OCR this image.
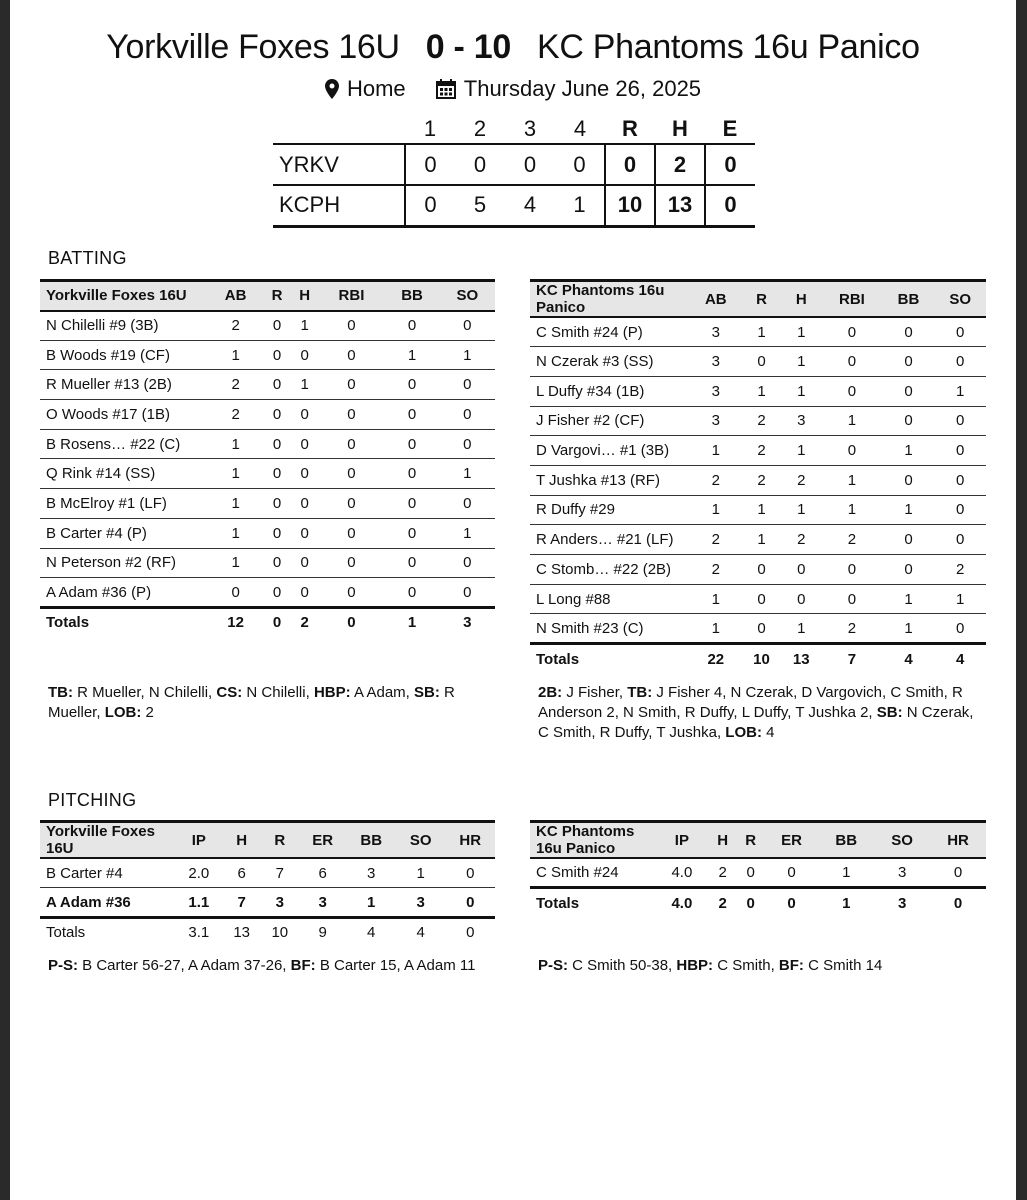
Yorkville Foxes 16U 0 - 10 KC Phantoms 16u Panico
Home
	Thursday June 26, 2025
	1	2	3	4	R	H	E
YRKV	0	0	0	0	0	2	0
KCPH	0	5	4	1	10	13	0
BATTING
Yorkville Foxes 16U	AB	R	H	RBI	BB	SO
N Chilelli #9 (3B)	2	0	1	0	0	0
B Woods #19 (CF)	1	0	0	0	1	1
R Mueller #13 (2B)	2	0	1	0	0	0
O Woods #17 (1B)	2	0	0	0	0	0
B Rosens… #22 (C)	1	0	0	0	0	0
Q Rink #14 (SS)	1	0	0	0	0	1
B McElroy #1 (LF)	1	0	0	0	0	0
B Carter #4 (P)	1	0	0	0	0	1
N Peterson #2 (RF)	1	0	0	0	0	0
A Adam #36 (P)	0	0	0	0	0	0
Totals	12	0	2	0	1	3
KC Phantoms 16u Panico	AB	R	H	RBI	BB	SO
C Smith #24 (P)	3	1	1	0	0	0
N Czerak #3 (SS)	3	0	1	0	0	0
L Duffy #34 (1B)	3	1	1	0	0	1
J Fisher #2 (CF)	3	2	3	1	0	0
D Vargovi… #1 (3B)	1	2	1	0	1	0
T Jushka #13 (RF)	2	2	2	1	0	0
R Duffy #29	1	1	1	1	1	0
R Anders… #21 (LF)	2	1	2	2	0	0
C Stomb… #22 (2B)	2	0	0	0	0	2
L Long #88	1	0	0	0	1	1
N Smith #23 (C)	1	0	1	2	1	0
Totals	22	10	13	7	4	4
TB: R Mueller, N Chilelli, CS: N Chilelli, HBP: A Adam, SB: R Mueller, LOB: 2
2B: J Fisher, TB: J Fisher 4, N Czerak, D Vargovich, C Smith, R Anderson 2, N Smith, R Duffy, L Duffy, T Jushka 2, SB: N Czerak, C Smith, R Duffy, T Jushka, LOB: 4
PITCHING
Yorkville Foxes 16U	IP	H	R	ER	BB	SO	HR
B Carter #4	2.0	6	7	6	3	1	0
A Adam #36	1.1	7	3	3	1	3	0
Totals	3.1	13	10	9	4	4	0
KC Phantoms 16u Panico	IP	H	R	ER	BB	SO	HR
C Smith #24	4.0	2	0	0	1	3	0
Totals	4.0	2	0	0	1	3	0
P-S: B Carter 56-27, A Adam 37-26, BF: B Carter 15, A Adam 11	P-S: C Smith 50-38, HBP: C Smith, BF: C Smith 14
